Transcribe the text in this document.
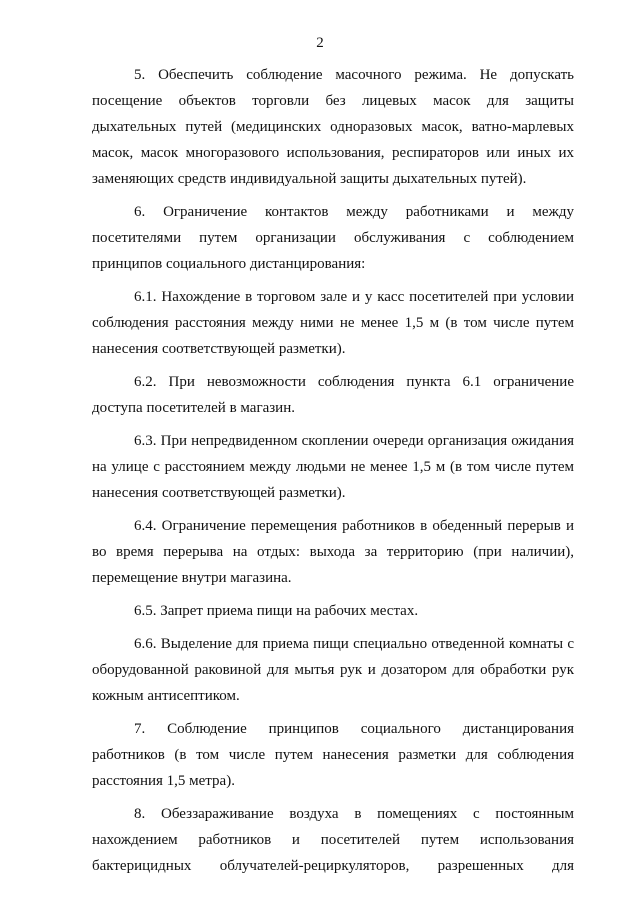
2

5. Обеспечить соблюдение масочного режима. Не допускать посещение объектов торговли без лицевых масок для защиты дыхательных путей (медицинских одноразовых масок, ватно-марлевых масок, масок многоразового использования, респираторов или иных их заменяющих средств индивидуальной защиты дыхательных путей).

6. Ограничение контактов между работниками и между посетителями путем организации обслуживания с соблюдением принципов социального дистанцирования:

6.1. Нахождение в торговом зале и у касс посетителей при условии соблюдения расстояния между ними не менее 1,5 м (в том числе путем нанесения соответствующей разметки).

6.2. При невозможности соблюдения пункта 6.1 ограничение доступа посетителей в магазин.

6.3. При непредвиденном скоплении очереди организация ожидания на улице с расстоянием между людьми не менее 1,5 м (в том числе путем нанесения соответствующей разметки).

6.4. Ограничение перемещения работников в обеденный перерыв и во время перерыва на отдых: выхода за территорию (при наличии), перемещение внутри магазина.

6.5. Запрет приема пищи на рабочих местах.

6.6. Выделение для приема пищи специально отведенной комнаты с оборудованной раковиной для мытья рук и дозатором для обработки рук кожным антисептиком.

7. Соблюдение принципов социального дистанцирования работников (в том числе путем нанесения разметки для соблюдения расстояния 1,5 метра).

8. Обеззараживание воздуха в помещениях с постоянным нахождением работников и посетителей путем использования бактерицидных облучателей-рециркуляторов, разрешенных для
